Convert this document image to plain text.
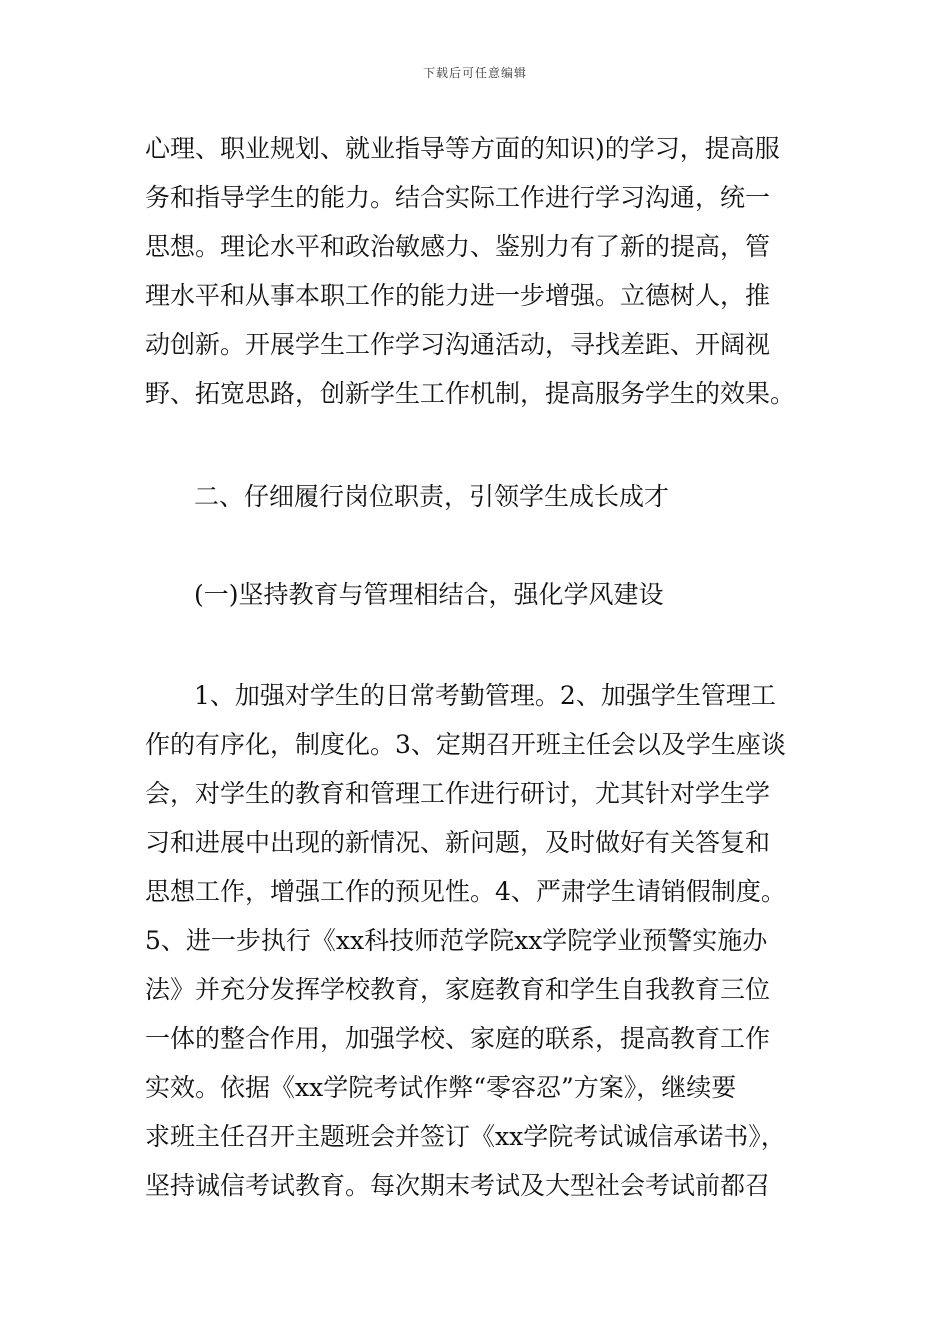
下载后可任意编辑
心理、职业规划、就业指导等方面的知识)的学习，提高服
务和指导学生的能力。结合实际工作进行学习沟通，统一
思想。理论水平和政治敏感力、鉴别力有了新的提高，管
理水平和从事本职工作的能力进一步增强。立德树人，推
动创新。开展学生工作学习沟通活动，寻找差距、开阔视
野、拓宽思路，创新学生工作机制，提高服务学生的效果。
二、仔细履行岗位职责，引领学生成长成才
(一)坚持教育与管理相结合，强化学风建设
1、加强对学生的日常考勤管理。2、加强学生管理工
作的有序化，制度化。3、定期召开班主任会以及学生座谈
会，对学生的教育和管理工作进行研讨，尤其针对学生学
习和进展中出现的新情况、新问题，及时做好有关答复和
思想工作，增强工作的预见性。4、严肃学生请销假制度。
5、进一步执行《xx科技师范学院xx学院学业预警实施办
法》并充分发挥学校教育，家庭教育和学生自我教育三位
一体的整合作用，加强学校、家庭的联系，提高教育工作
实效。依据《xx学院考试作弊“零容忍”方案》，继续要
求班主任召开主题班会并签订《xx学院考试诚信承诺书》，
坚持诚信考试教育。每次期末考试及大型社会考试前都召
